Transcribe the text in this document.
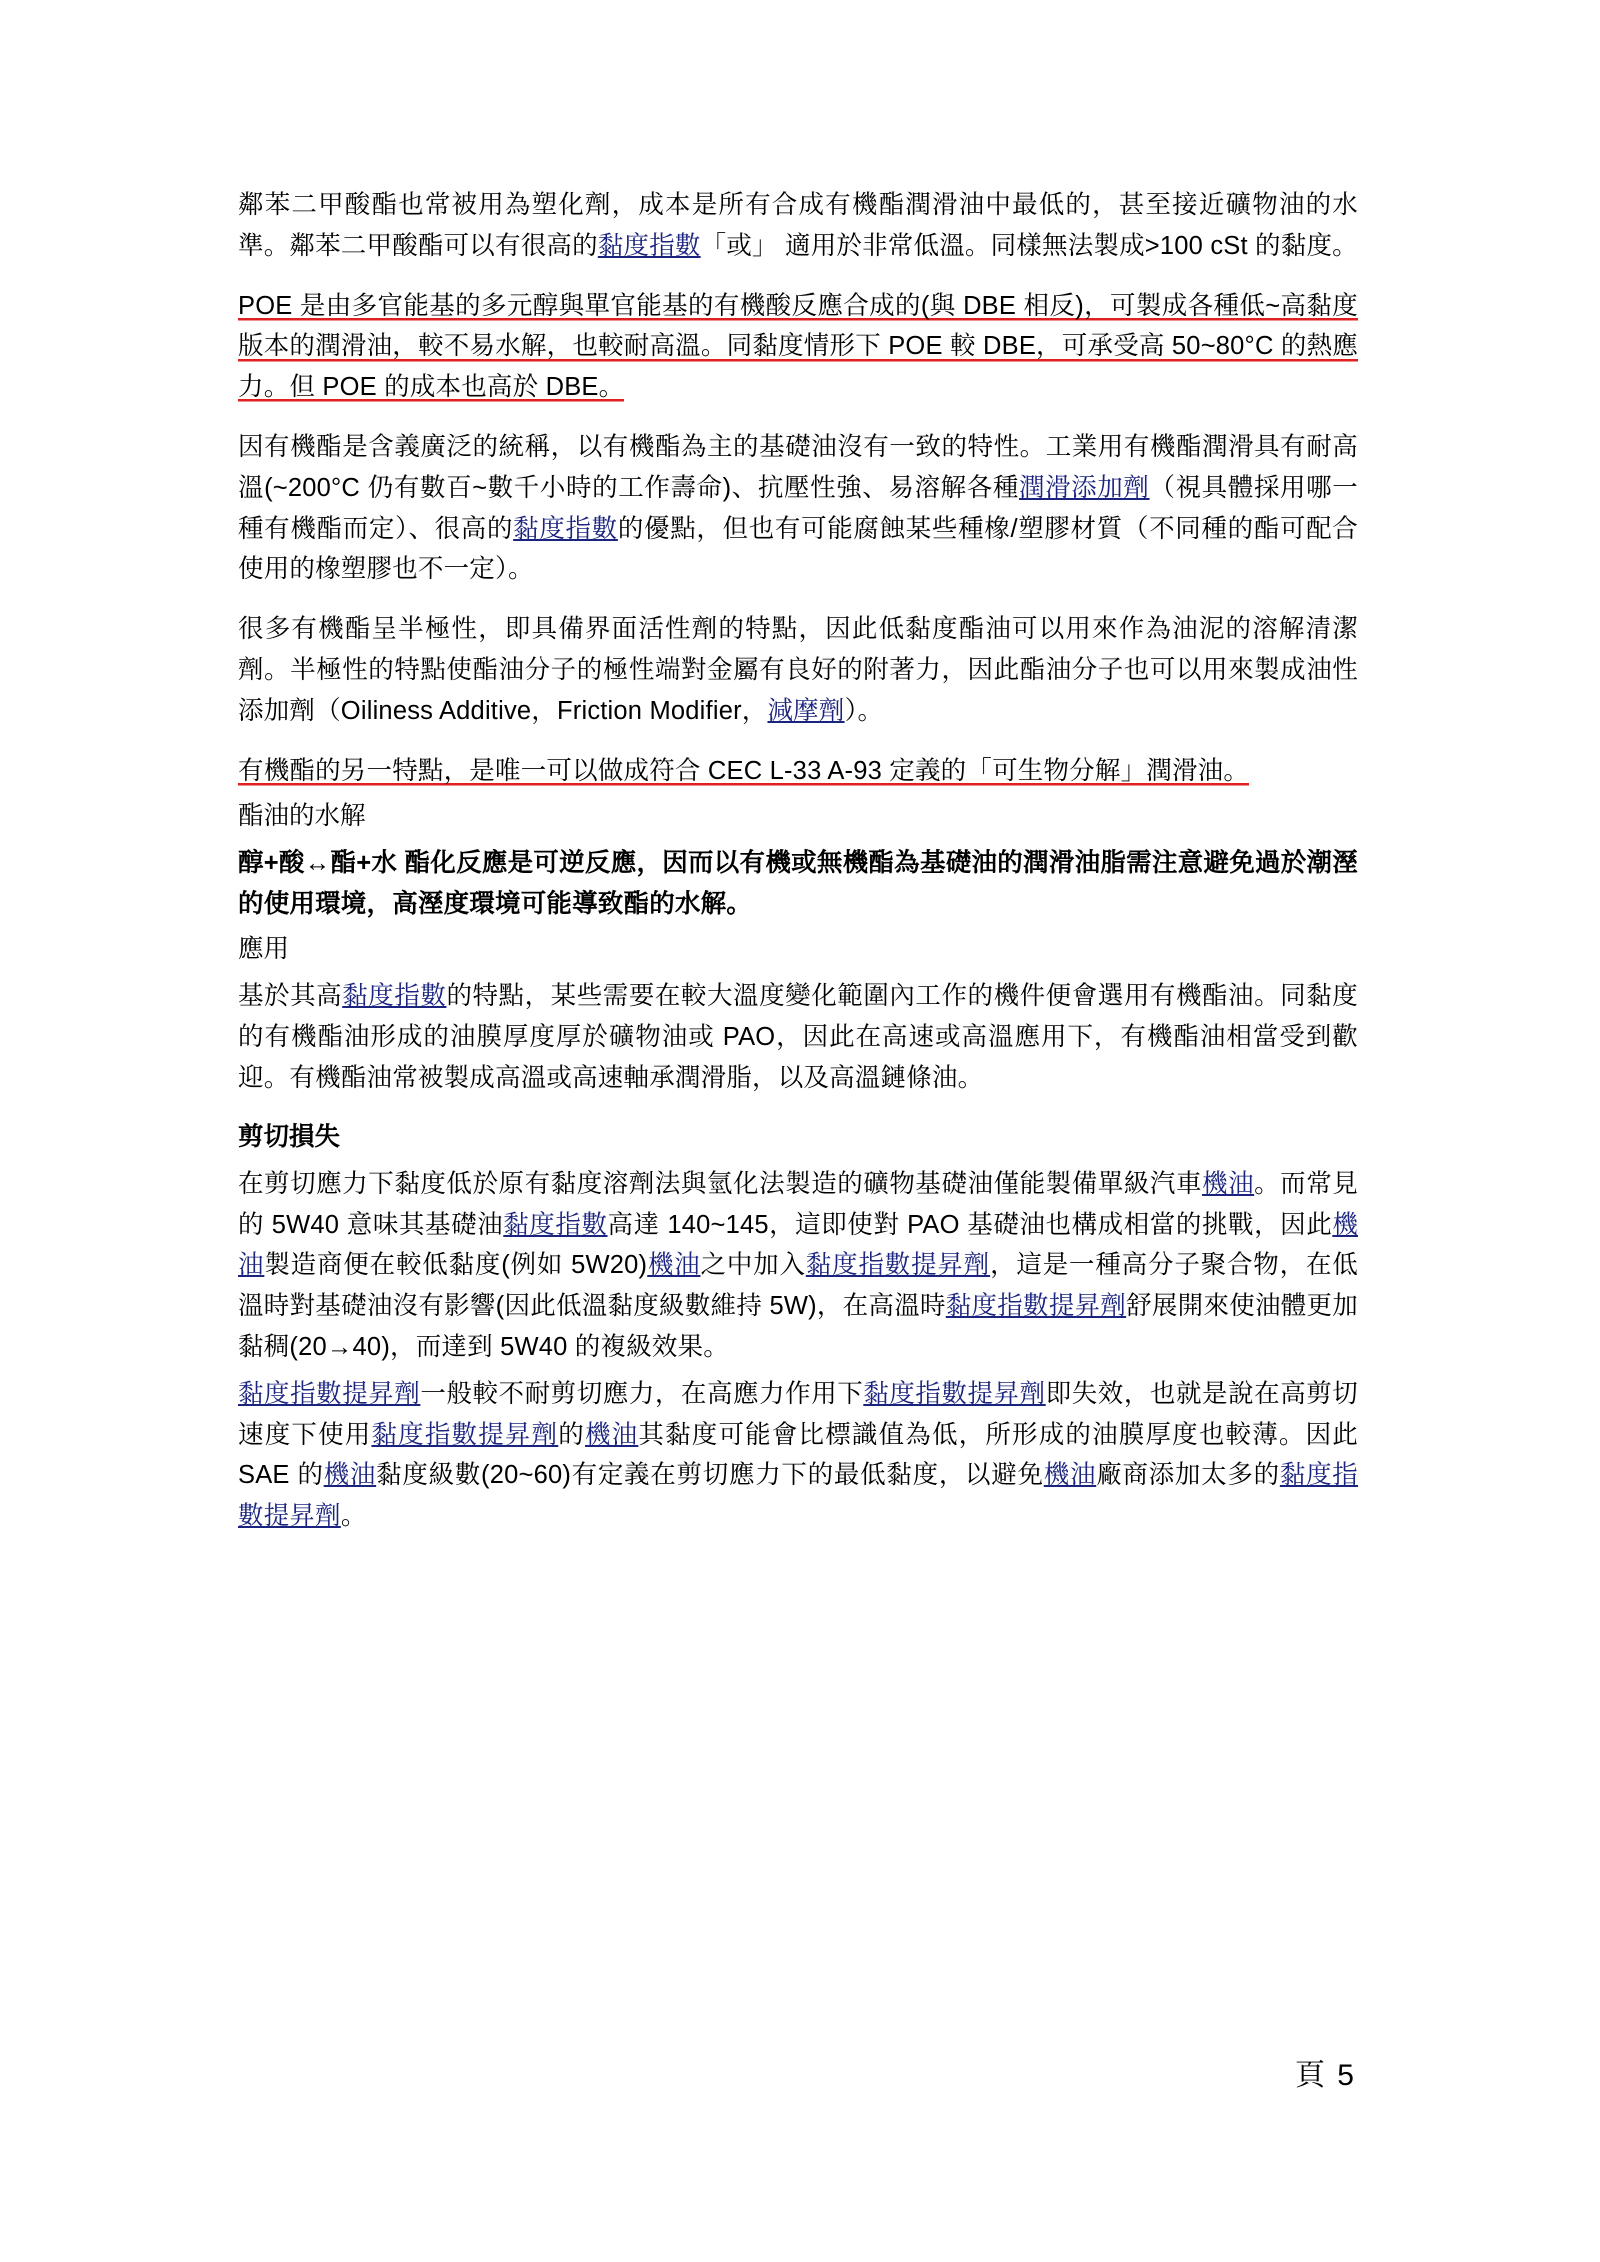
鄰苯二甲酸酯也常被用為塑化劑，成本是所有合成有機酯潤滑油中最低的，甚至接近礦物油的水準。鄰苯二甲酸酯可以有很高的黏度指數「或」 適用於非常低溫。同樣無法製成>100 cSt 的黏度。

POE 是由多官能基的多元醇與單官能基的有機酸反應合成的(與 DBE 相反)，可製成各種低~高黏度版本的潤滑油，較不易水解，也較耐高溫。同黏度情形下 POE 較 DBE，可承受高 50~80°C 的熱應力。但 POE 的成本也高於 DBE。

因有機酯是含義廣泛的統稱，以有機酯為主的基礎油沒有一致的特性。工業用有機酯潤滑具有耐高溫(~200°C 仍有數百~數千小時的工作壽命)、抗壓性強、易溶解各種潤滑添加劑（視具體採用哪一種有機酯而定）、很高的黏度指數的優點，但也有可能腐蝕某些種橡/塑膠材質（不同種的酯可配合使用的橡塑膠也不一定）。

很多有機酯呈半極性，即具備界面活性劑的特點，因此低黏度酯油可以用來作為油泥的溶解清潔劑。半極性的特點使酯油分子的極性端對金屬有良好的附著力，因此酯油分子也可以用來製成油性添加劑（Oiliness Additive，Friction Modifier，減摩劑）。

有機酯的另一特點，是唯一可以做成符合 CEC L-33 A-93 定義的「可生物分解」潤滑油。

酯油的水解

醇+酸↔酯+水 酯化反應是可逆反應，因而以有機或無機酯為基礎油的潤滑油脂需注意避免過於潮溼的使用環境，高溼度環境可能導致酯的水解。

應用

基於其高黏度指數的特點，某些需要在較大溫度變化範圍內工作的機件便會選用有機酯油。同黏度的有機酯油形成的油膜厚度厚於礦物油或 PAO，因此在高速或高溫應用下，有機酯油相當受到歡迎。有機酯油常被製成高溫或高速軸承潤滑脂，以及高溫鏈條油。

剪切損失

在剪切應力下黏度低於原有黏度溶劑法與氫化法製造的礦物基礎油僅能製備單級汽車機油。而常見的 5W40 意味其基礎油黏度指數高達 140~145，這即使對 PAO 基礎油也構成相當的挑戰，因此機油製造商便在較低黏度(例如 5W20)機油之中加入黏度指數提昇劑，這是一種高分子聚合物，在低溫時對基礎油沒有影響(因此低溫黏度級數維持 5W)，在高溫時黏度指數提昇劑舒展開來使油體更加黏稠(20→40)，而達到 5W40 的複級效果。

黏度指數提昇劑一般較不耐剪切應力，在高應力作用下黏度指數提昇劑即失效，也就是說在高剪切速度下使用黏度指數提昇劑的機油其黏度可能會比標識值為低，所形成的油膜厚度也較薄。因此 SAE 的機油黏度級數(20~60)有定義在剪切應力下的最低黏度，以避免機油廠商添加太多的黏度指數提昇劑。

頁 5
